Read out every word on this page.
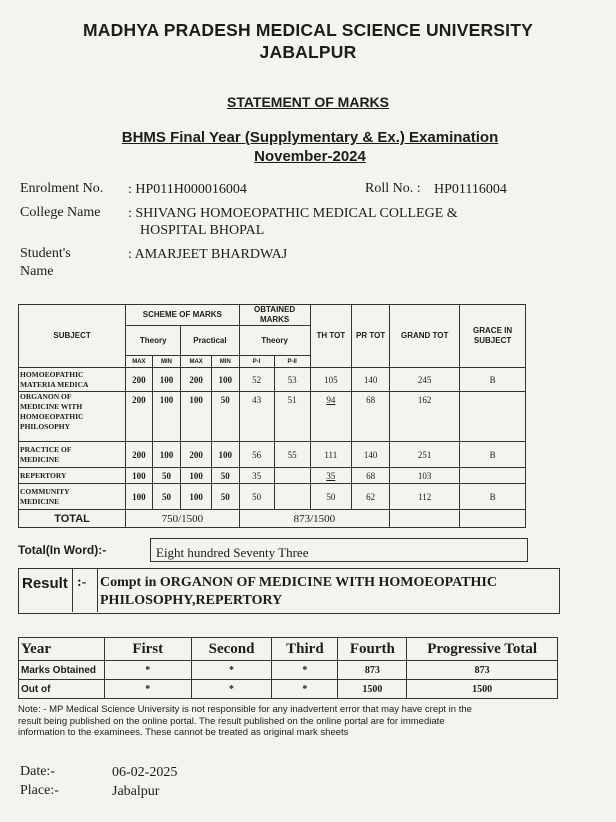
MADHYA PRADESH MEDICAL SCIENCE UNIVERSITY
JABALPUR
STATEMENT OF MARKS
BHMS Final Year (Supplymentary & Ex.) Examination
November-2024
Enrolment No. : HP011H000016004	Roll No. : HP01116004
College Name : SHIVANG HOMOEOPATHIC MEDICAL COLLEGE &
HOSPITAL BHOPAL
Student's
Name
: AMARJEET BHARDWAJ
SUBJECT	SCHEME OF MARKS				OBTAINED MARKS		TH TOT	PR TOT	GRAND TOT	GRACE IN
SUBJECT

	Theory		Practical		Theory					
	MAX	MIN	MAX	MIN	P-I	P-II				

HOMOEOPATHIC
MATERIA MEDICA	200	100	200	100	52	53	105	140	245	B

ORGANON OF
MEDICINE WITH
HOMOEOPATHIC
PHILOSOPHY	200	100	100	50	43	51	94	68	162	

PRACTICE OF
MEDICINE	200	100	200	100	56	55	111	140	251	B

REPERTORY	100	50	100	50	35		35	68	103	

COMMUNITY
MEDICINE	100	50	100	50	50		50	62	112	B
TOTAL	750/1500				873/1500					
Total(In Word):-	Eight hundred Seventy Three
Result :- Compt in ORGANON OF MEDICINE WITH HOMOEOPATHIC
PHILOSOPHY,REPERTORY
Year	First	Second	Third	Fourth	Progressive Total
Marks Obtained	*	*	*	873	873
Out of	*	*	*	1500	1500
Note: - MP Medical Science University is not responsible for any inadvertent error that may have crept in the
result being published on the online portal. The result published on the online portal are for immediate
information to the examinees. These cannot be treated as original mark sheets
Date:-	06-02-2025
Place:-	Jabalpur
